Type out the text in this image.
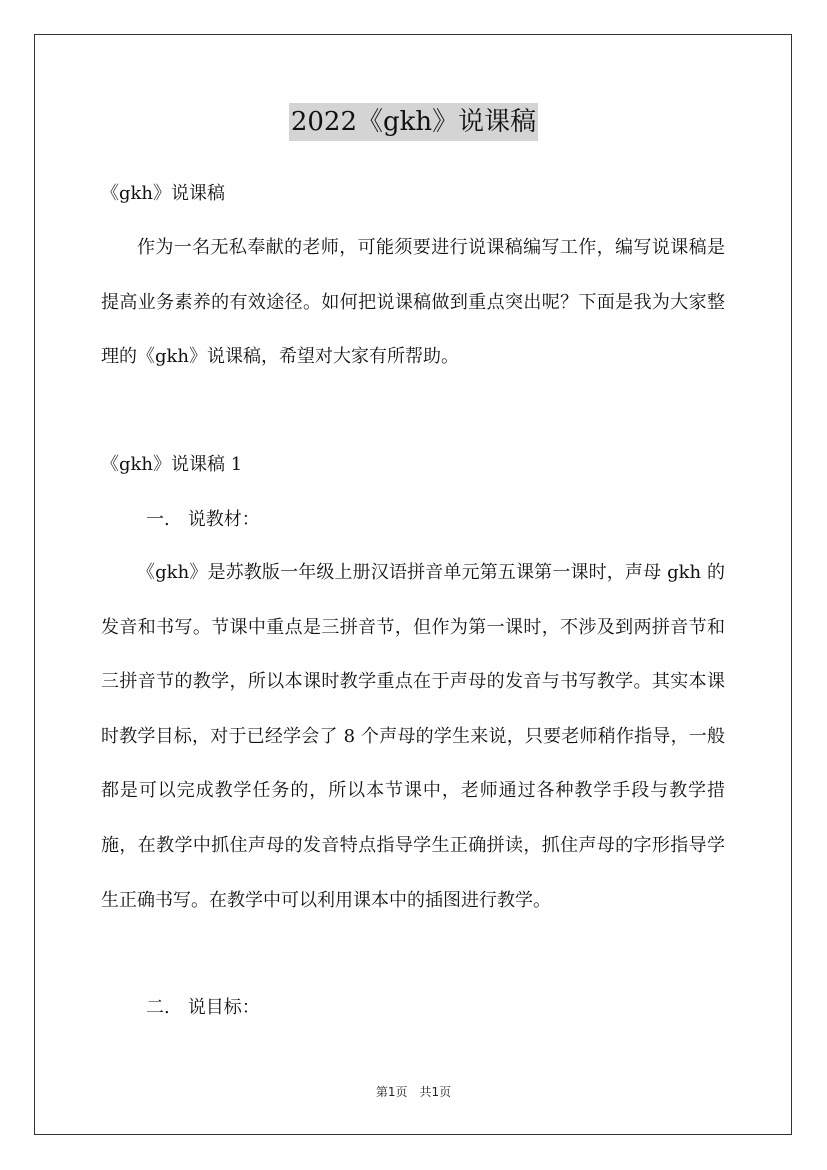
2022《gkh》说课稿
《gkh》说课稿
作为一名无私奉献的老师，可能须要进行说课稿编写工作，编写说课稿是提高业务素养的有效途径。如何把说课稿做到重点突出呢？下面是我为大家整理的《gkh》说课稿，希望对大家有所帮助。
《gkh》说课稿 1
一.　说教材：
《gkh》是苏教版一年级上册汉语拼音单元第五课第一课时，声母 gkh 的发音和书写。节课中重点是三拼音节，但作为第一课时，不涉及到两拼音节和三拼音节的教学，所以本课时教学重点在于声母的发音与书写教学。其实本课时教学目标，对于已经学会了 8 个声母的学生来说，只要老师稍作指导，一般都是可以完成教学任务的，所以本节课中，老师通过各种教学手段与教学措施，在教学中抓住声母的发音特点指导学生正确拼读，抓住声母的字形指导学生正确书写。在教学中可以利用课本中的插图进行教学。
二.　说目标：
第1页　共1页
